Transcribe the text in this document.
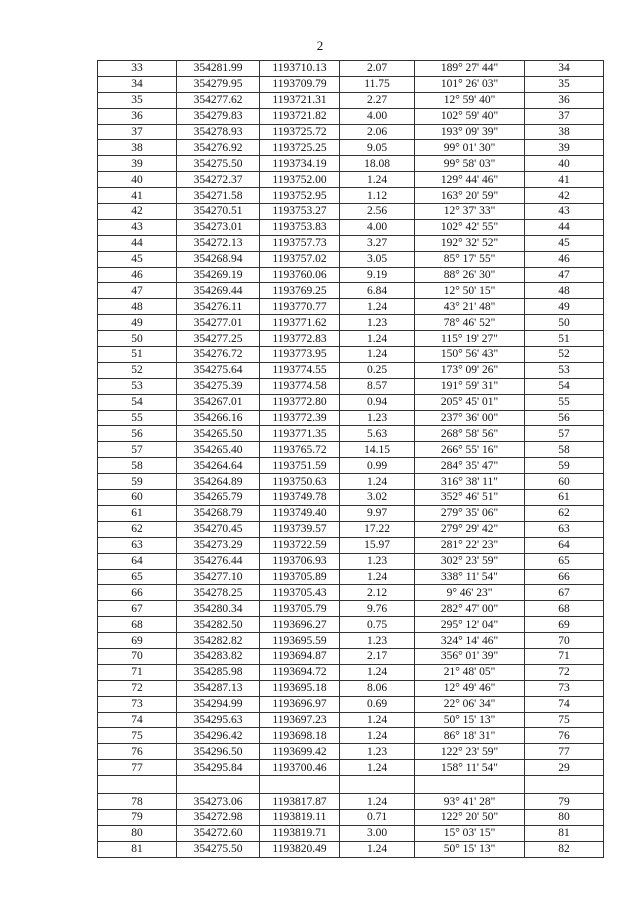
2
33	354281.99	1193710.13	2.07	189° 27' 44"	34
34	354279.95	1193709.79	11.75	101° 26' 03"	35
35	354277.62	1193721.31	2.27	12° 59' 40"	36
36	354279.83	1193721.82	4.00	102° 59' 40"	37
37	354278.93	1193725.72	2.06	193° 09' 39"	38
38	354276.92	1193725.25	9.05	99° 01' 30"	39
39	354275.50	1193734.19	18.08	99° 58' 03"	40
40	354272.37	1193752.00	1.24	129° 44' 46"	41
41	354271.58	1193752.95	1.12	163° 20' 59"	42
42	354270.51	1193753.27	2.56	12° 37' 33"	43
43	354273.01	1193753.83	4.00	102° 42' 55"	44
44	354272.13	1193757.73	3.27	192° 32' 52"	45
45	354268.94	1193757.02	3.05	85° 17' 55"	46
46	354269.19	1193760.06	9.19	88° 26' 30"	47
47	354269.44	1193769.25	6.84	12° 50' 15"	48
48	354276.11	1193770.77	1.24	43° 21' 48"	49
49	354277.01	1193771.62	1.23	78° 46' 52"	50
50	354277.25	1193772.83	1.24	115° 19' 27"	51
51	354276.72	1193773.95	1.24	150° 56' 43"	52
52	354275.64	1193774.55	0.25	173° 09' 26"	53
53	354275.39	1193774.58	8.57	191° 59' 31"	54
54	354267.01	1193772.80	0.94	205° 45' 01"	55
55	354266.16	1193772.39	1.23	237° 36' 00"	56
56	354265.50	1193771.35	5.63	268° 58' 56"	57
57	354265.40	1193765.72	14.15	266° 55' 16"	58
58	354264.64	1193751.59	0.99	284° 35' 47"	59
59	354264.89	1193750.63	1.24	316° 38' 11"	60
60	354265.79	1193749.78	3.02	352° 46' 51"	61
61	354268.79	1193749.40	9.97	279° 35' 06"	62
62	354270.45	1193739.57	17.22	279° 29' 42"	63
63	354273.29	1193722.59	15.97	281° 22' 23"	64
64	354276.44	1193706.93	1.23	302° 23' 59"	65
65	354277.10	1193705.89	1.24	338° 11' 54"	66
66	354278.25	1193705.43	2.12	9° 46' 23"	67
67	354280.34	1193705.79	9.76	282° 47' 00"	68
68	354282.50	1193696.27	0.75	295° 12' 04"	69
69	354282.82	1193695.59	1.23	324° 14' 46"	70
70	354283.82	1193694.87	2.17	356° 01' 39"	71
71	354285.98	1193694.72	1.24	21° 48' 05"	72
72	354287.13	1193695.18	8.06	12° 49' 46"	73
73	354294.99	1193696.97	0.69	22° 06' 34"	74
74	354295.63	1193697.23	1.24	50° 15' 13"	75
75	354296.42	1193698.18	1.24	86° 18' 31"	76
76	354296.50	1193699.42	1.23	122° 23' 59"	77
77	354295.84	1193700.46	1.24	158° 11' 54"	29

78	354273.06	1193817.87	1.24	93° 41' 28"	79
79	354272.98	1193819.11	0.71	122° 20' 50"	80
80	354272.60	1193819.71	3.00	15° 03' 15"	81
81	354275.50	1193820.49	1.24	50° 15' 13"	82
